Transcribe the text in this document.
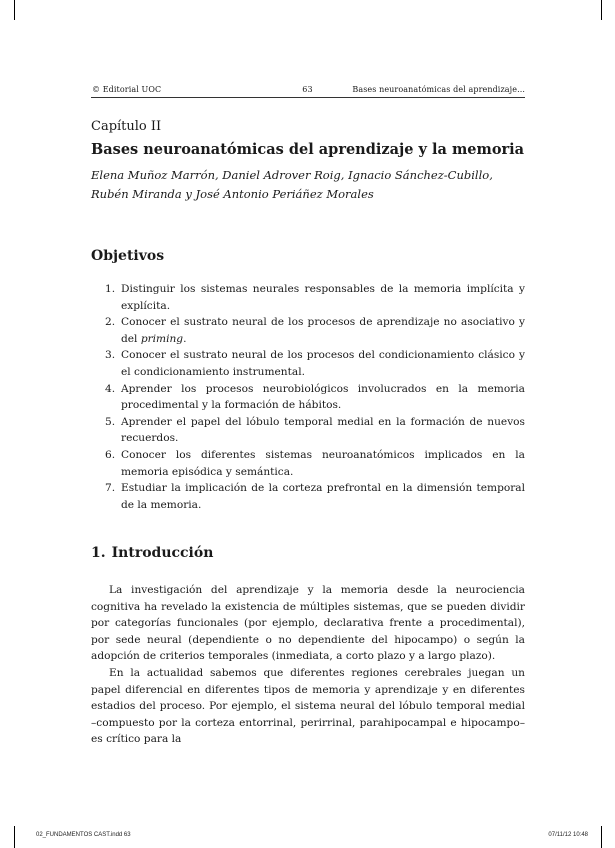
© Editorial UOC	63	Bases neuroanatómicas del aprendizaje...
Capítulo II
Bases neuroanatómicas del aprendizaje y la memoria
Elena Muñoz Marrón, Daniel Adrover Roig, Ignacio Sánchez-Cubillo,
Rubén Miranda y José Antonio Periáñez Morales
Objetivos
1. Distinguir los sistemas neurales responsables de la memoria implícita y explícita.
2. Conocer el sustrato neural de los procesos de aprendizaje no asociativo y del priming.
3. Conocer el sustrato neural de los procesos del condicionamiento clásico y el condicionamiento instrumental.
4. Aprender los procesos neurobiológicos involucrados en la memoria procedimental y la formación de hábitos.
5. Aprender el papel del lóbulo temporal medial en la formación de nuevos recuerdos.
6. Conocer los diferentes sistemas neuroanatómicos implicados en la memoria episódica y semántica.
7. Estudiar la implicación de la corteza prefrontal en la dimensión temporal de la memoria.
1. Introducción

La investigación del aprendizaje y la memoria desde la neurociencia cognitiva ha revelado la existencia de múltiples sistemas, que se pueden dividir por categorías funcionales (por ejemplo, declarativa frente a procedimental), por sede neural (dependiente o no dependiente del hipocampo) o según la adopción de criterios temporales (inmediata, a corto plazo y a largo plazo).

En la actualidad sabemos que diferentes regiones cerebrales juegan un papel diferencial en diferentes tipos de memoria y aprendizaje y en diferentes estadios del proceso. Por ejemplo, el sistema neural del lóbulo temporal medial –compuesto por la corteza entorrinal, perirrinal, parahipocampal e hipocampo– es crítico para la

02_FUNDAMENTOS CAST.indd 63	07/11/12 10:48
